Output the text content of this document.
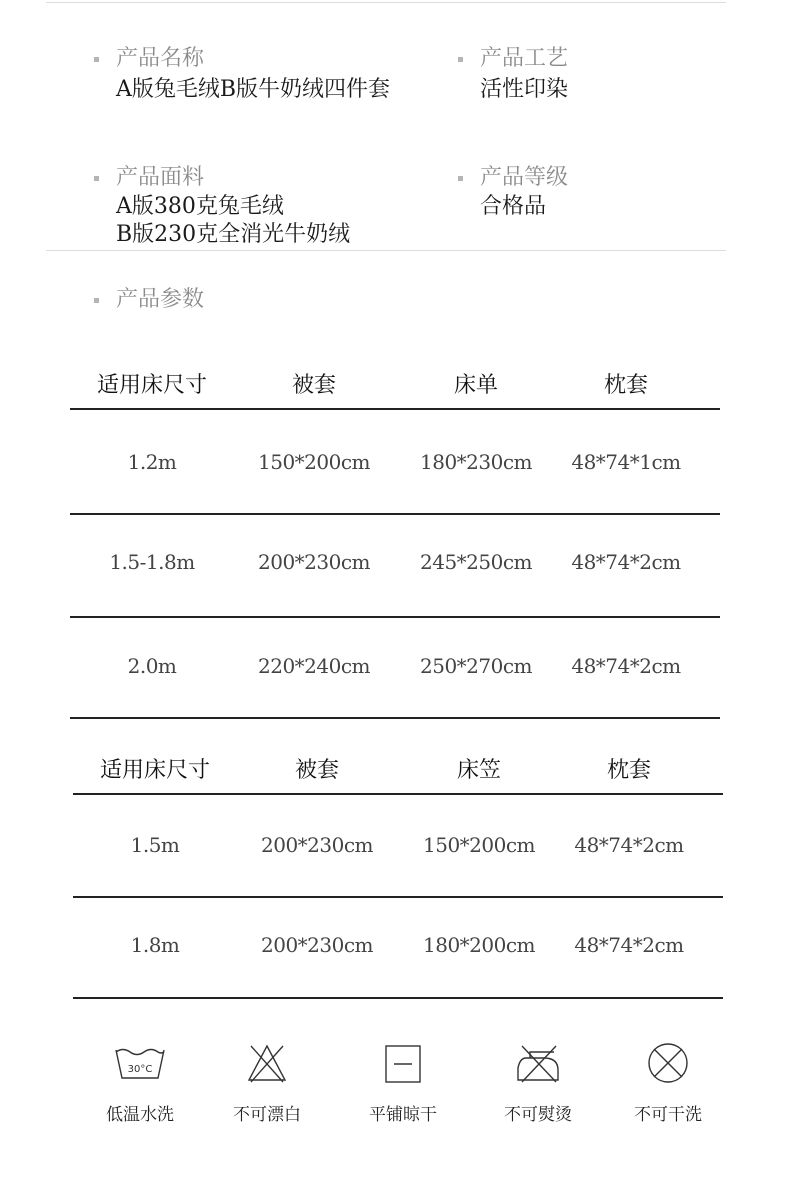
产品名称
A版兔毛绒B版牛奶绒四件套
产品工艺
活性印染
产品面料
A版380克兔毛绒
B版230克全消光牛奶绒
产品等级
合格品
产品参数
适用床尺寸	被套	床单	枕套
1.2m	150*200cm 180*230cm 48*74*1cm
1.5-1.8m	200*230cm 245*250cm 48*74*2cm
2.0m	220*240cm 250*270cm 48*74*2cm
适用床尺寸	被套	床笠	枕套
1.5m	200*230cm 150*200cm 48*74*2cm
1.8m	200*230cm 180*200cm 48*74*2cm
30°C
低温水洗	不可漂白	平铺晾干	不可熨烫	不可干洗
